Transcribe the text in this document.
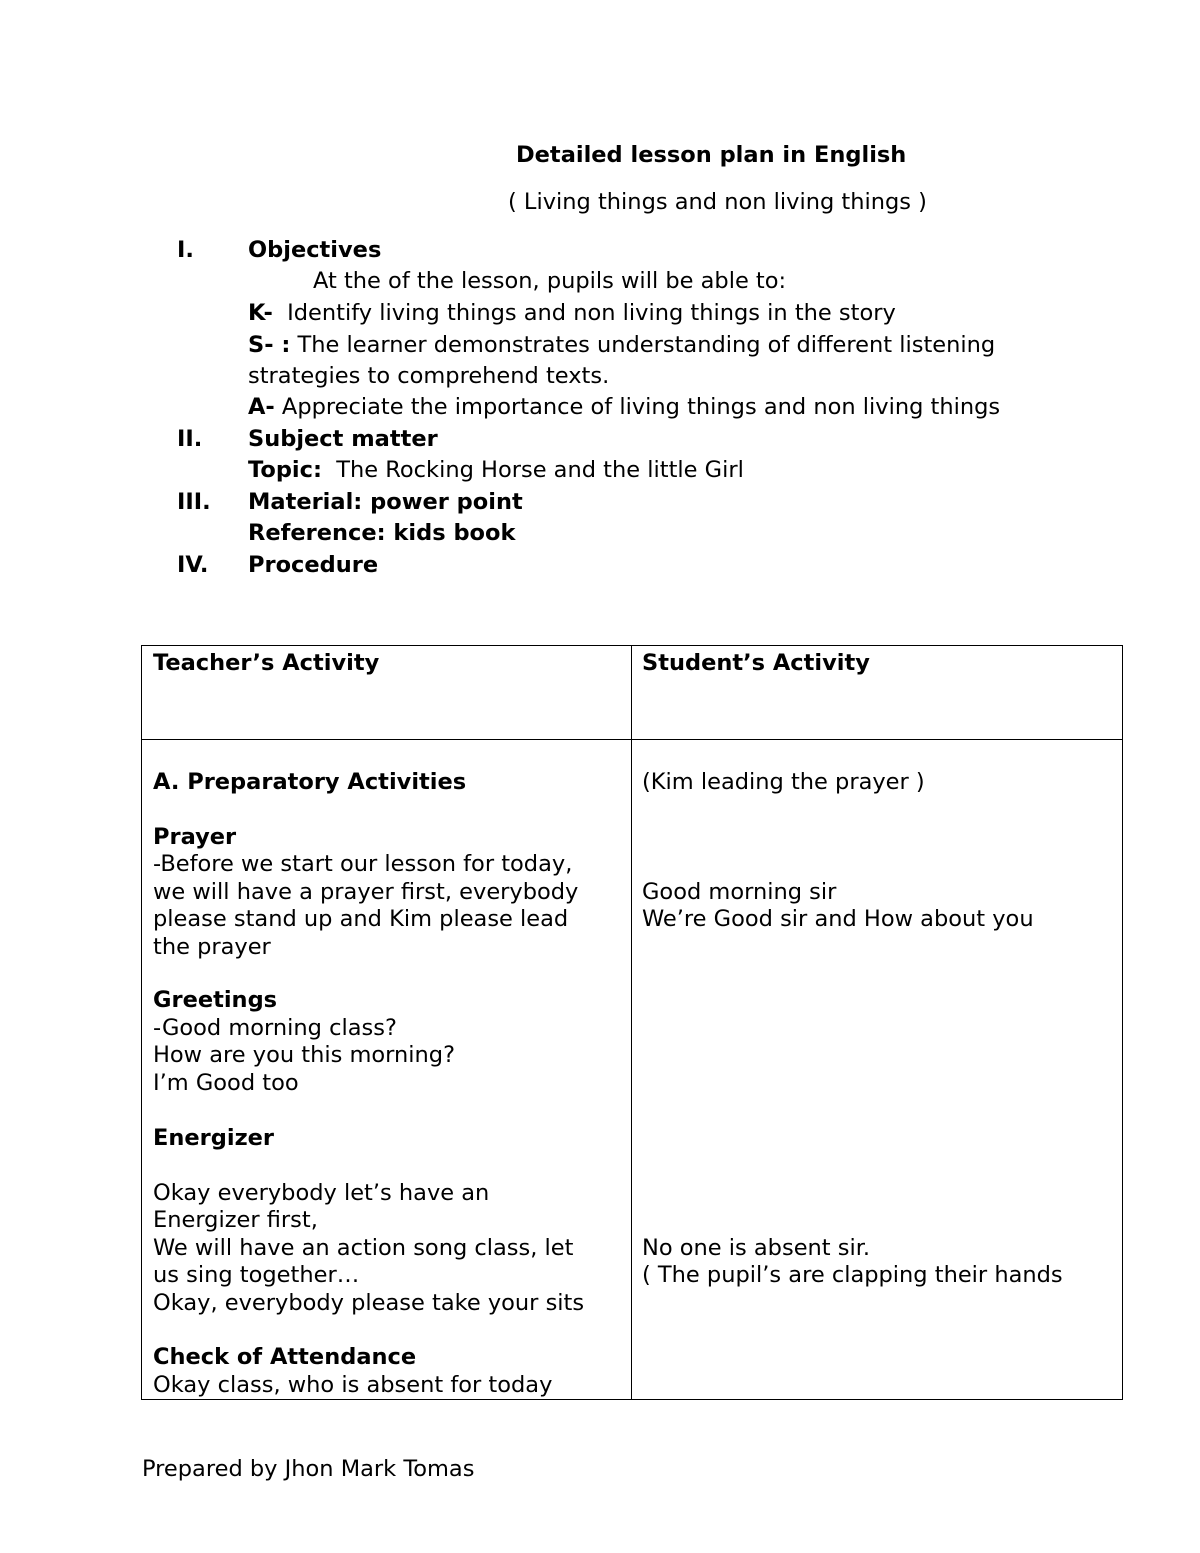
Detailed lesson plan in English
( Living things and non living things )
I. Objectives
At the of the lesson, pupils will be able to:
K- Identify living things and non living things in the story
S- : The learner demonstrates understanding of different listening
strategies to comprehend texts.
A- Appreciate the importance of living things and non living things
II. Subject matter
Topic: The Rocking Horse and the little Girl
III. Material: power point
Reference: kids book
IV. Procedure
Teacher’s Activity	Student’s Activity
A. Preparatory Activities
Prayer
-Before we start our lesson for today,
we will have a prayer first, everybody
please stand up and Kim please lead
the prayer
Greetings
-Good morning class?
How are you this morning?
I’m Good too
Energizer
Okay everybody let’s have an
Energizer first,
We will have an action song class, let
us sing together…
Okay, everybody please take your sits
Check of Attendance
Okay class, who is absent for today
(Kim leading the prayer )
Good morning sir
We’re Good sir and How about you
No one is absent sir.
( The pupil’s are clapping their hands
Prepared by Jhon Mark Tomas
